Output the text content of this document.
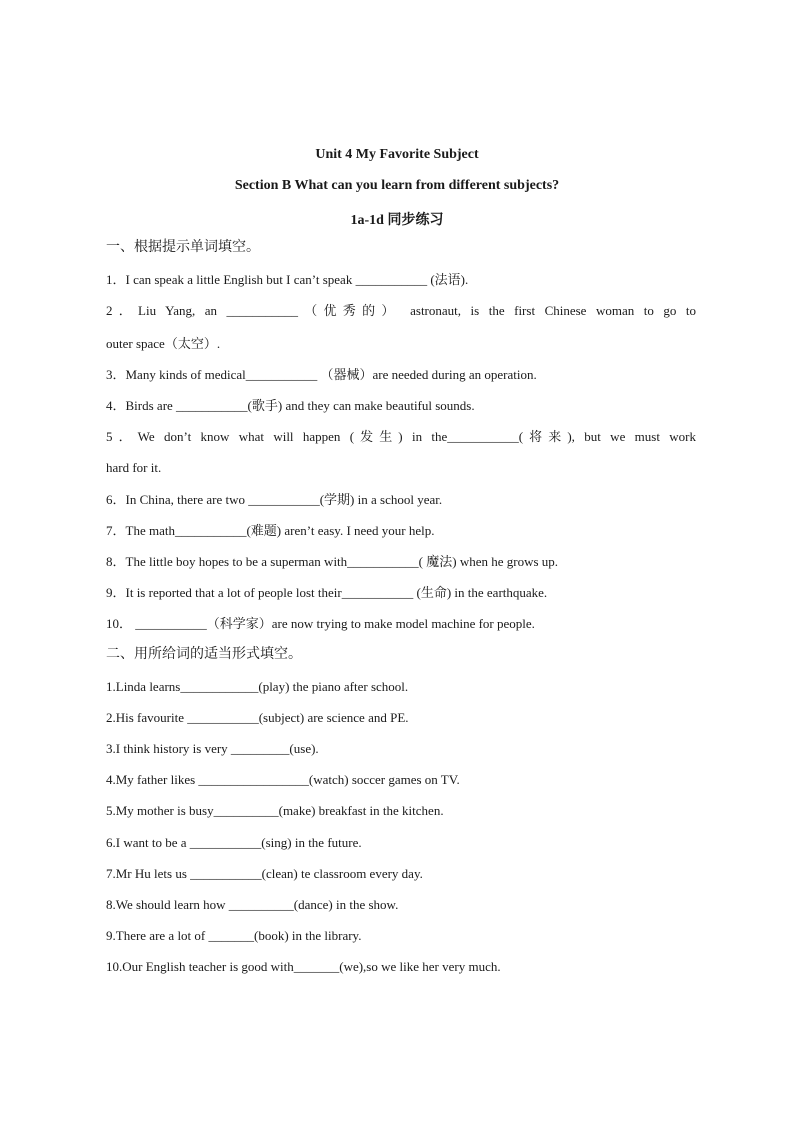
Unit 4 My Favorite Subject
Section B What can you learn from different subjects?
1a-1d 同步练习
一、根据提示单词填空。
1．I can speak a little English but I can’t speak ___________ (法语).
2．Liu Yang, an ___________（优秀的） astronaut, is the first Chinese woman to go to
outer space（太空）.
3．Many kinds of medical___________ （器械）are needed during an operation.
4．Birds are ___________(歌手) and they can make beautiful sounds.
5．We don’t know what will happen (发生) in the___________(将来), but we must work
hard for it.
6．In China, there are two ___________(学期) in a school year.
7．The math___________(难题) aren’t easy. I need your help.
8．The little boy hopes to be a superman with___________( 魔法) when he grows up.
9．It is reported that a lot of people lost their___________ (生命) in the earthquake.
10． ___________（科学家）are now trying to make model machine for people.
二、用所给词的适当形式填空。
1.Linda learns____________(play) the piano after school.
2.His favourite ___________(subject) are science and PE.
3.I think history is very _________(use).
4.My father likes _________________(watch) soccer games on TV.
5.My mother is busy__________(make) breakfast in the kitchen.
6.I want to be a ___________(sing) in the future.
7.Mr Hu lets us ___________(clean) te classroom every day.
8.We should learn how __________(dance) in the show.
9.There are a lot of _______(book) in the library.
10.Our English teacher is good with_______(we),so we like her very much.
